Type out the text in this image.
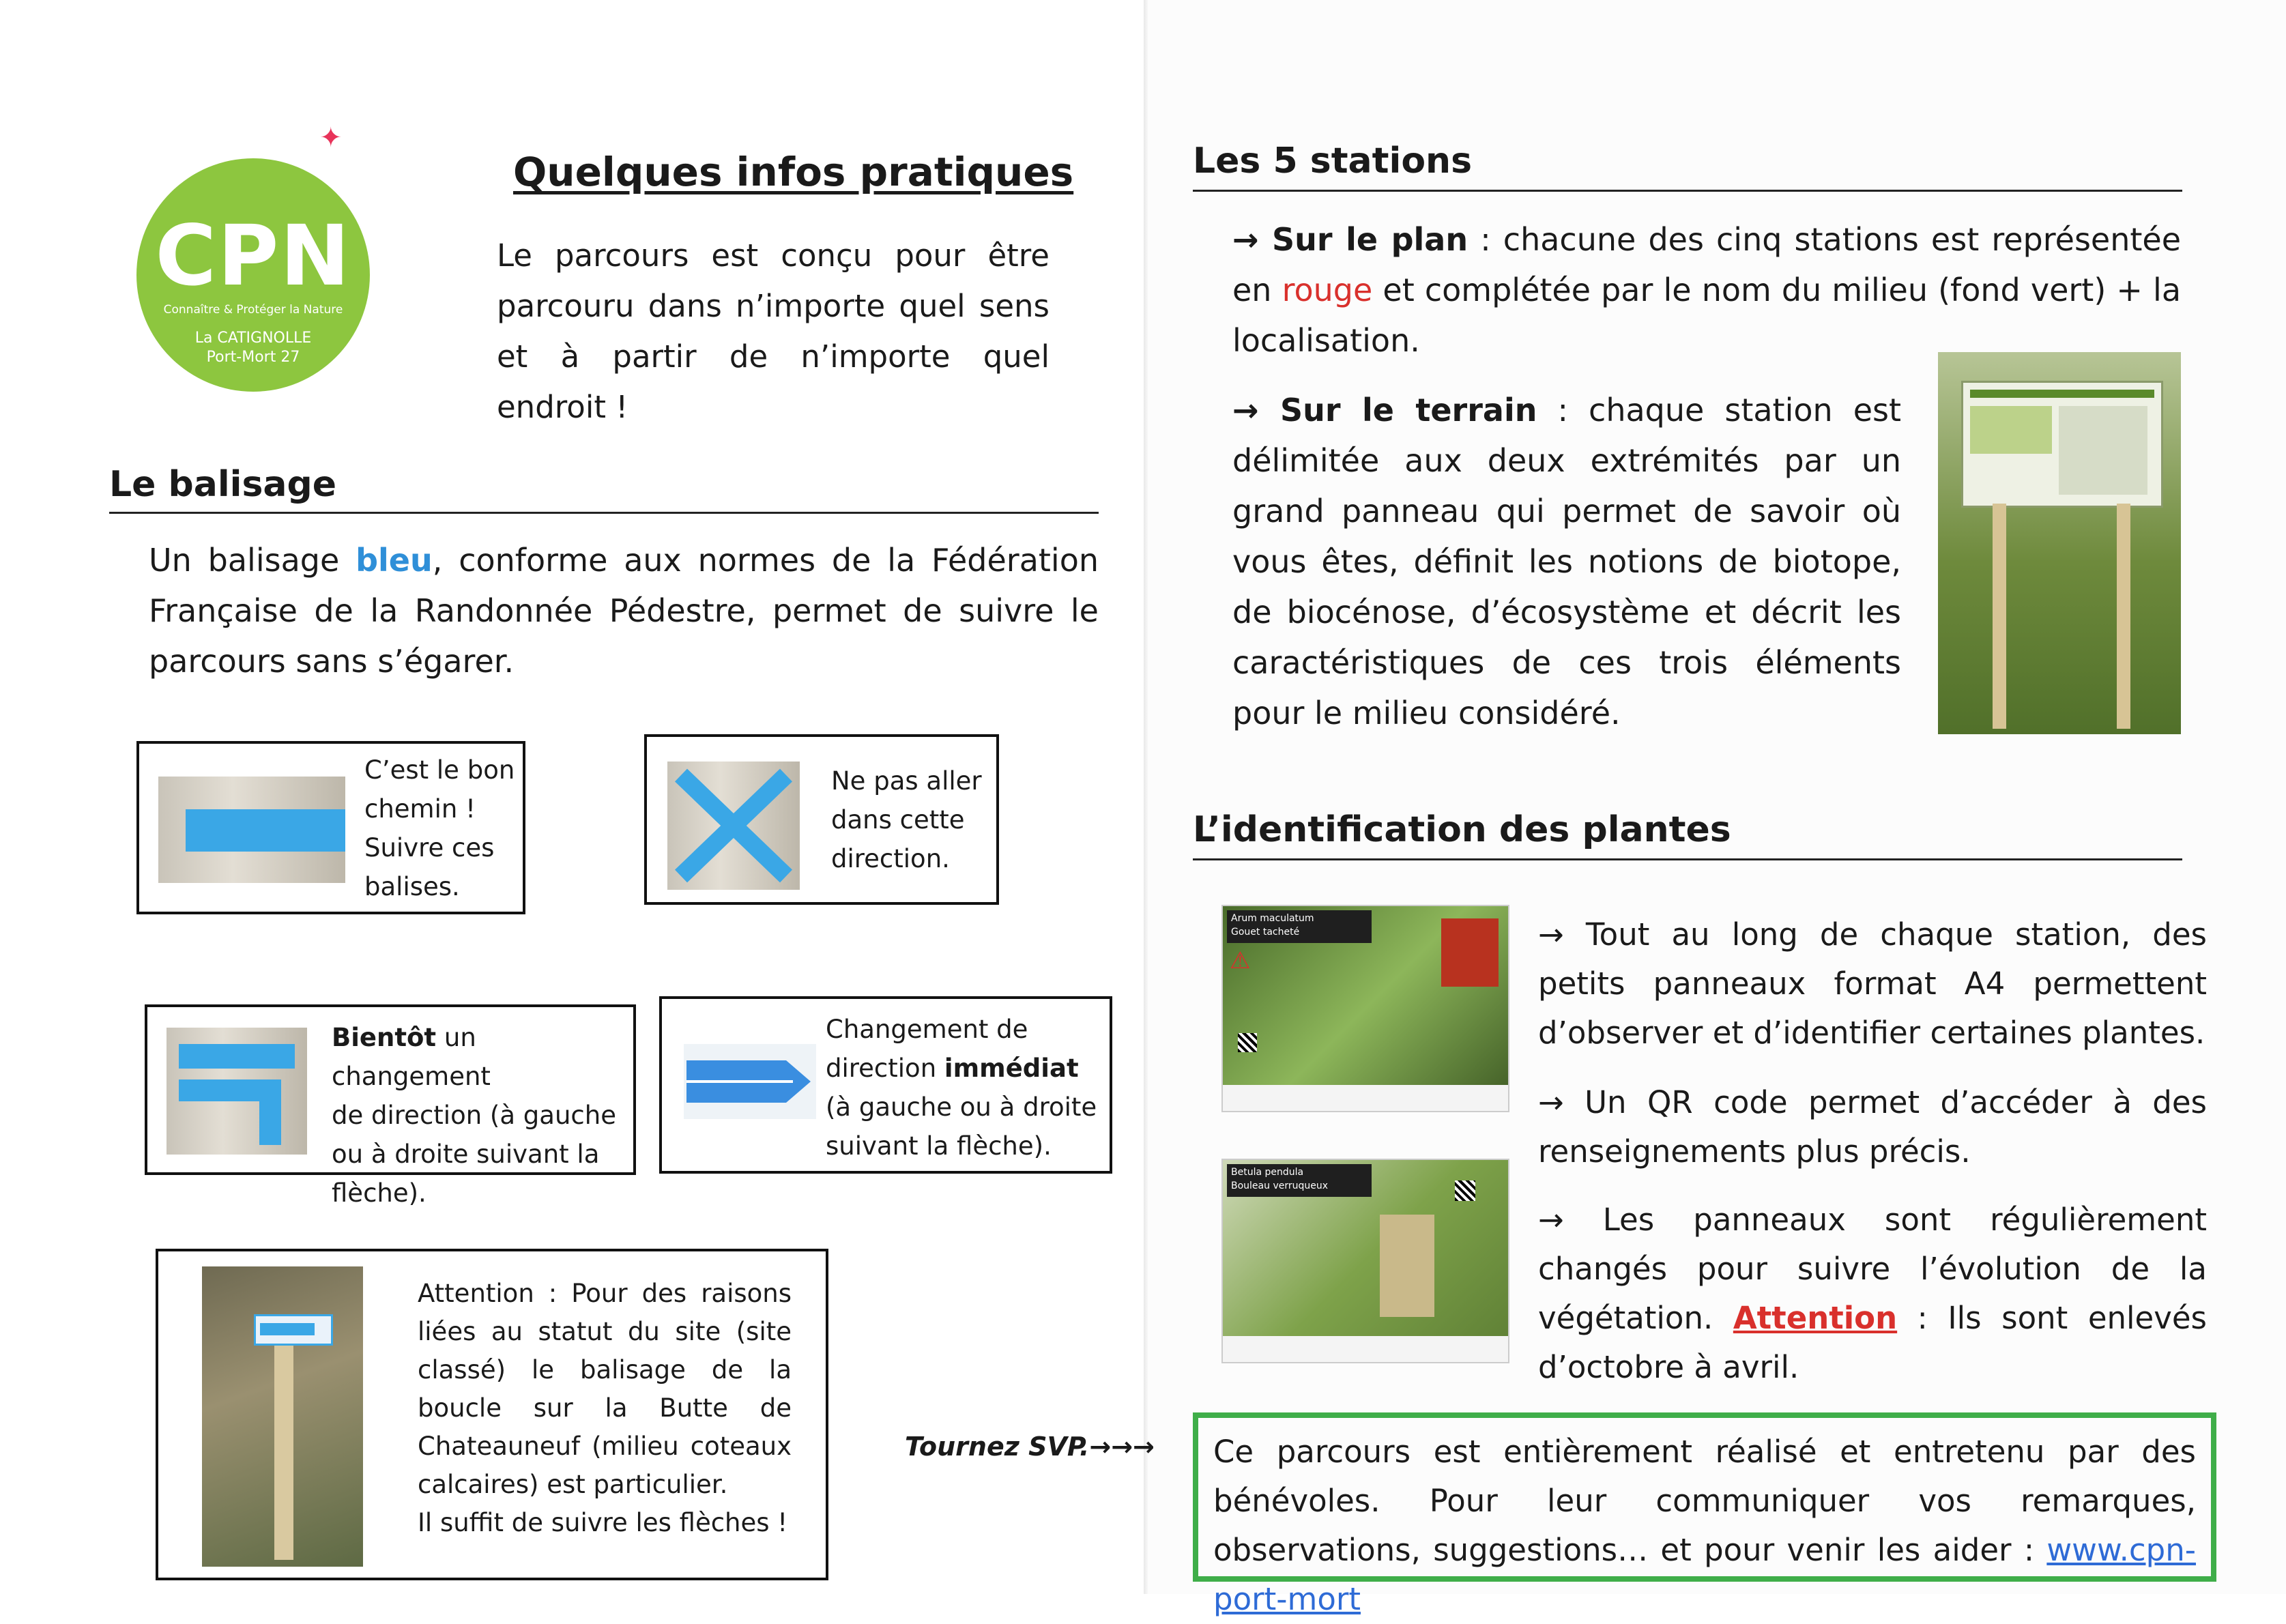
CPN
Connaître & Protéger la Nature
La CATIGNOLLE
Port-Mort 27
✦
Quelques infos pratiques
Le parcours est conçu pour être parcouru dans n’importe quel sens et à partir de n’importe quel endroit !
Le balisage
Un balisage bleu, conforme aux normes de la Fédération Française de la Randonnée Pédestre, permet de suivre le parcours sans s’égarer.
C’est le bon
chemin !
Suivre ces
balises.
Ne pas aller
dans cette
direction.
Bientôt un changement
de direction (à gauche
ou à droite suivant la
flèche).
Changement de
direction immédiat
(à gauche ou à droite
suivant la flèche).
Attention : Pour des raisons liées au statut du site (site classé) le balisage de la boucle sur la Butte de Chateauneuf (milieu coteaux calcaires) est particulier.
Il suffit de suivre les flèches !
Tournez SVP.→→→
Les 5 stations
→ Sur le plan : chacune des cinq stations est représentée en rouge et complétée par le nom du milieu (fond vert) + la localisation.
→ Sur le terrain : chaque station est délimitée aux deux extrémités par un grand panneau qui permet de savoir où vous êtes, définit les notions de biotope, de biocénose, d’écosystème et décrit les caractéristiques de ces trois éléments pour le milieu considéré.
L’identification des plantes
Arum maculatum
Gouet tacheté
⚠
Betula pendula
Bouleau verruqueux
→ Tout au long de chaque station, des petits panneaux format A4 permettent d’observer et d’identifier certaines plantes.
→ Un QR code permet d’accéder à des renseignements plus précis.
→ Les panneaux sont régulièrement changés pour suivre l’évolution de la végétation. Attention : Ils sont enlevés d’octobre à avril.
Ce parcours est entièrement réalisé et entretenu par des bénévoles. Pour leur communiquer vos remarques, observations, suggestions… et pour venir les aider : www.cpn-port-mort
